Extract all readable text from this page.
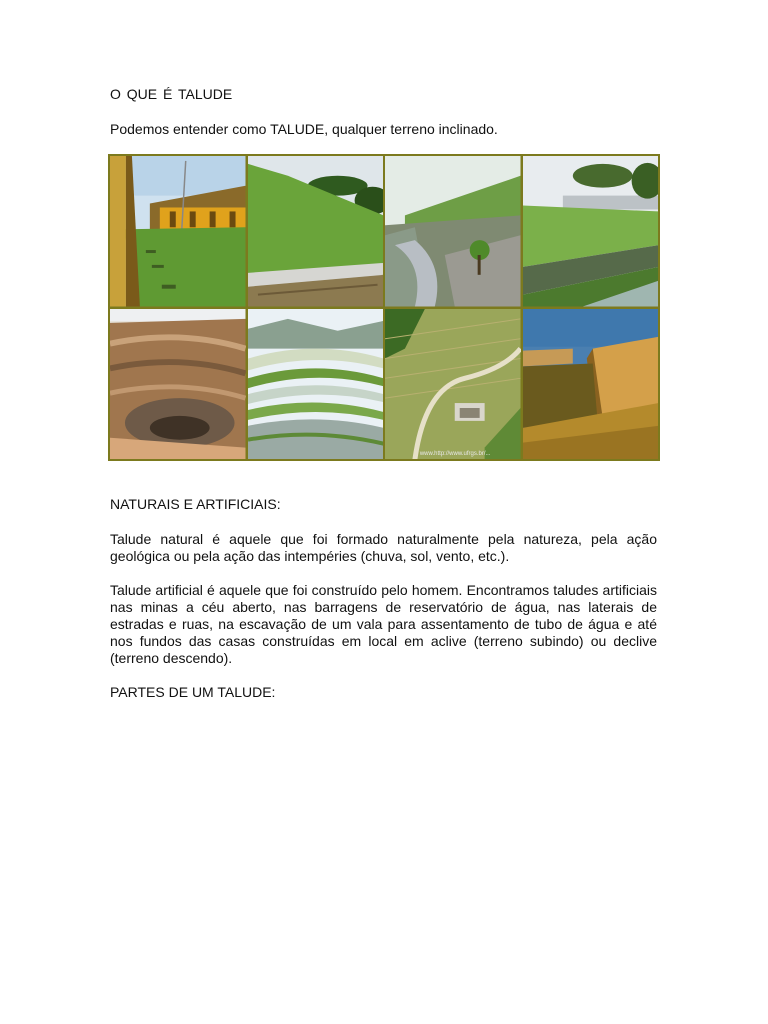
O QUE É TALUDE
Podemos entender como TALUDE, qualquer terreno inclinado.
www.http://www.ufrgs.br/...
NATURAIS E ARTIFICIAIS:
Talude natural é aquele que foi formado naturalmente pela natureza, pela ação geológica ou pela ação das intempéries (chuva, sol, vento, etc.).
Talude artificial é aquele que foi construído pelo homem. Encontramos taludes artificiais nas minas a céu aberto, nas barragens de reservatório de água, nas laterais de estradas e ruas, na escavação de um vala para assentamento de tubo de água e até nos fundos das casas construídas em local em aclive (terreno subindo) ou declive (terreno descendo).
PARTES DE UM TALUDE:
